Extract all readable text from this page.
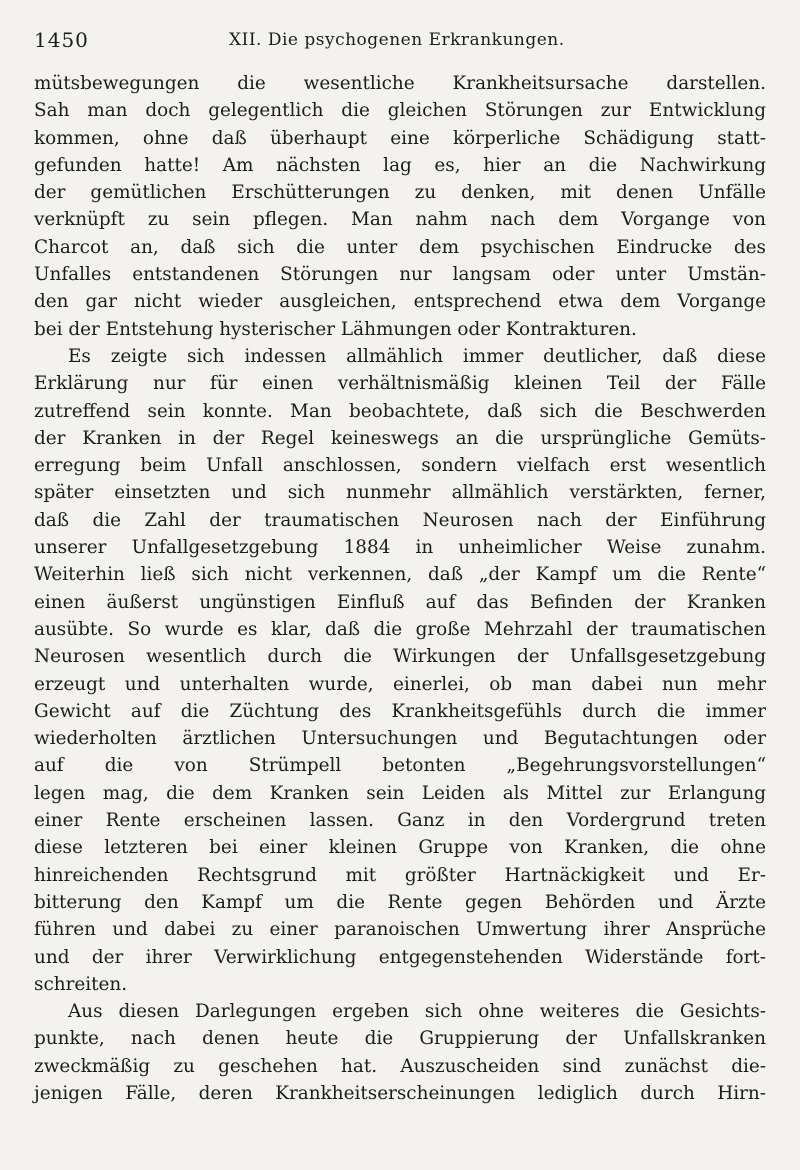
1450	XII. Die psychogenen Erkrankungen.
mütsbewegungen die wesentliche Krankheitsursache darstellen.
Sah man doch gelegentlich die gleichen Störungen zur Entwicklung
kommen, ohne daß überhaupt eine körperliche Schädigung statt-
gefunden hatte! Am nächsten lag es, hier an die Nachwirkung
der gemütlichen Erschütterungen zu denken, mit denen Unfälle
verknüpft zu sein pflegen. Man nahm nach dem Vorgange von
Charcot an, daß sich die unter dem psychischen Eindrucke des
Unfalles entstandenen Störungen nur langsam oder unter Umstän-
den gar nicht wieder ausgleichen, entsprechend etwa dem Vorgange
bei der Entstehung hysterischer Lähmungen oder Kontrakturen.
Es zeigte sich indessen allmählich immer deutlicher, daß diese
Erklärung nur für einen verhältnismäßig kleinen Teil der Fälle
zutreffend sein konnte. Man beobachtete, daß sich die Beschwerden
der Kranken in der Regel keineswegs an die ursprüngliche Gemüts-
erregung beim Unfall anschlossen, sondern vielfach erst wesentlich
später einsetzten und sich nunmehr allmählich verstärkten, ferner,
daß die Zahl der traumatischen Neurosen nach der Einführung
unserer Unfallgesetzgebung 1884 in unheimlicher Weise zunahm.
Weiterhin ließ sich nicht verkennen, daß „der Kampf um die Rente“
einen äußerst ungünstigen Einfluß auf das Befinden der Kranken
ausübte. So wurde es klar, daß die große Mehrzahl der traumatischen
Neurosen wesentlich durch die Wirkungen der Unfallsgesetzgebung
erzeugt und unterhalten wurde, einerlei, ob man dabei nun mehr
Gewicht auf die Züchtung des Krankheitsgefühls durch die immer
wiederholten ärztlichen Untersuchungen und Begutachtungen oder
auf die von Strümpell betonten „Begehrungsvorstellungen“
legen mag, die dem Kranken sein Leiden als Mittel zur Erlangung
einer Rente erscheinen lassen. Ganz in den Vordergrund treten
diese letzteren bei einer kleinen Gruppe von Kranken, die ohne
hinreichenden Rechtsgrund mit größter Hartnäckigkeit und Er-
bitterung den Kampf um die Rente gegen Behörden und Ärzte
führen und dabei zu einer paranoischen Umwertung ihrer Ansprüche
und der ihrer Verwirklichung entgegenstehenden Widerstände fort-
schreiten.
Aus diesen Darlegungen ergeben sich ohne weiteres die Gesichts-
punkte, nach denen heute die Gruppierung der Unfallskranken
zweckmäßig zu geschehen hat. Auszuscheiden sind zunächst die-
jenigen Fälle, deren Krankheitserscheinungen lediglich durch Hirn-
